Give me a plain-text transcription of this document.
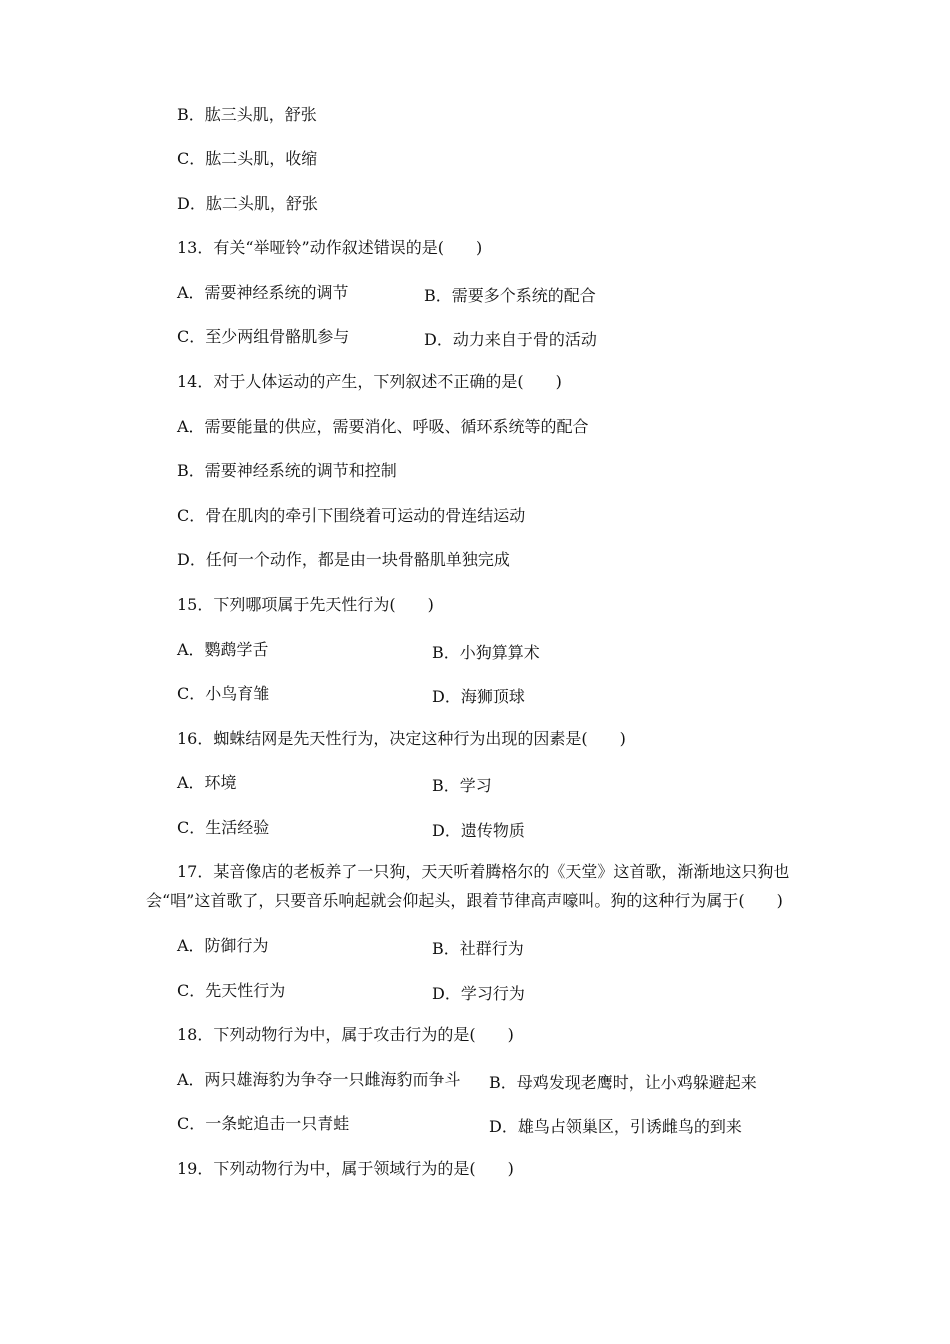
B．肱三头肌，舒张
C．肱二头肌，收缩
D．肱二头肌，舒张
13．有关“举哑铃”动作叙述错误的是(　　)
A．需要神经系统的调节	B．需要多个系统的配合
C．至少两组骨骼肌参与	D．动力来自于骨的活动
14．对于人体运动的产生，下列叙述不正确的是(　　)
A．需要能量的供应，需要消化、呼吸、循环系统等的配合
B．需要神经系统的调节和控制
C．骨在肌肉的牵引下围绕着可运动的骨连结运动
D．任何一个动作，都是由一块骨骼肌单独完成
15．下列哪项属于先天性行为(　　)
A．鹦鹉学舌	B．小狗算算术
C．小鸟育雏	D．海狮顶球
16．蜘蛛结网是先天性行为，决定这种行为出现的因素是(　　)
A．环境	B．学习
C．生活经验	D．遗传物质
17．某音像店的老板养了一只狗，天天听着腾格尔的《天堂》这首歌，渐渐地这只狗也
会“唱”这首歌了，只要音乐响起就会仰起头，跟着节律高声嚎叫。狗的这种行为属于(　　)
A．防御行为	B．社群行为
C．先天性行为	D．学习行为
18．下列动物行为中，属于攻击行为的是(　　)
A．两只雄海豹为争夺一只雌海豹而争斗 B．母鸡发现老鹰时，让小鸡躲避起来
C．一条蛇追击一只青蛙	D．雄鸟占领巢区，引诱雌鸟的到来
19．下列动物行为中，属于领域行为的是(　　)
